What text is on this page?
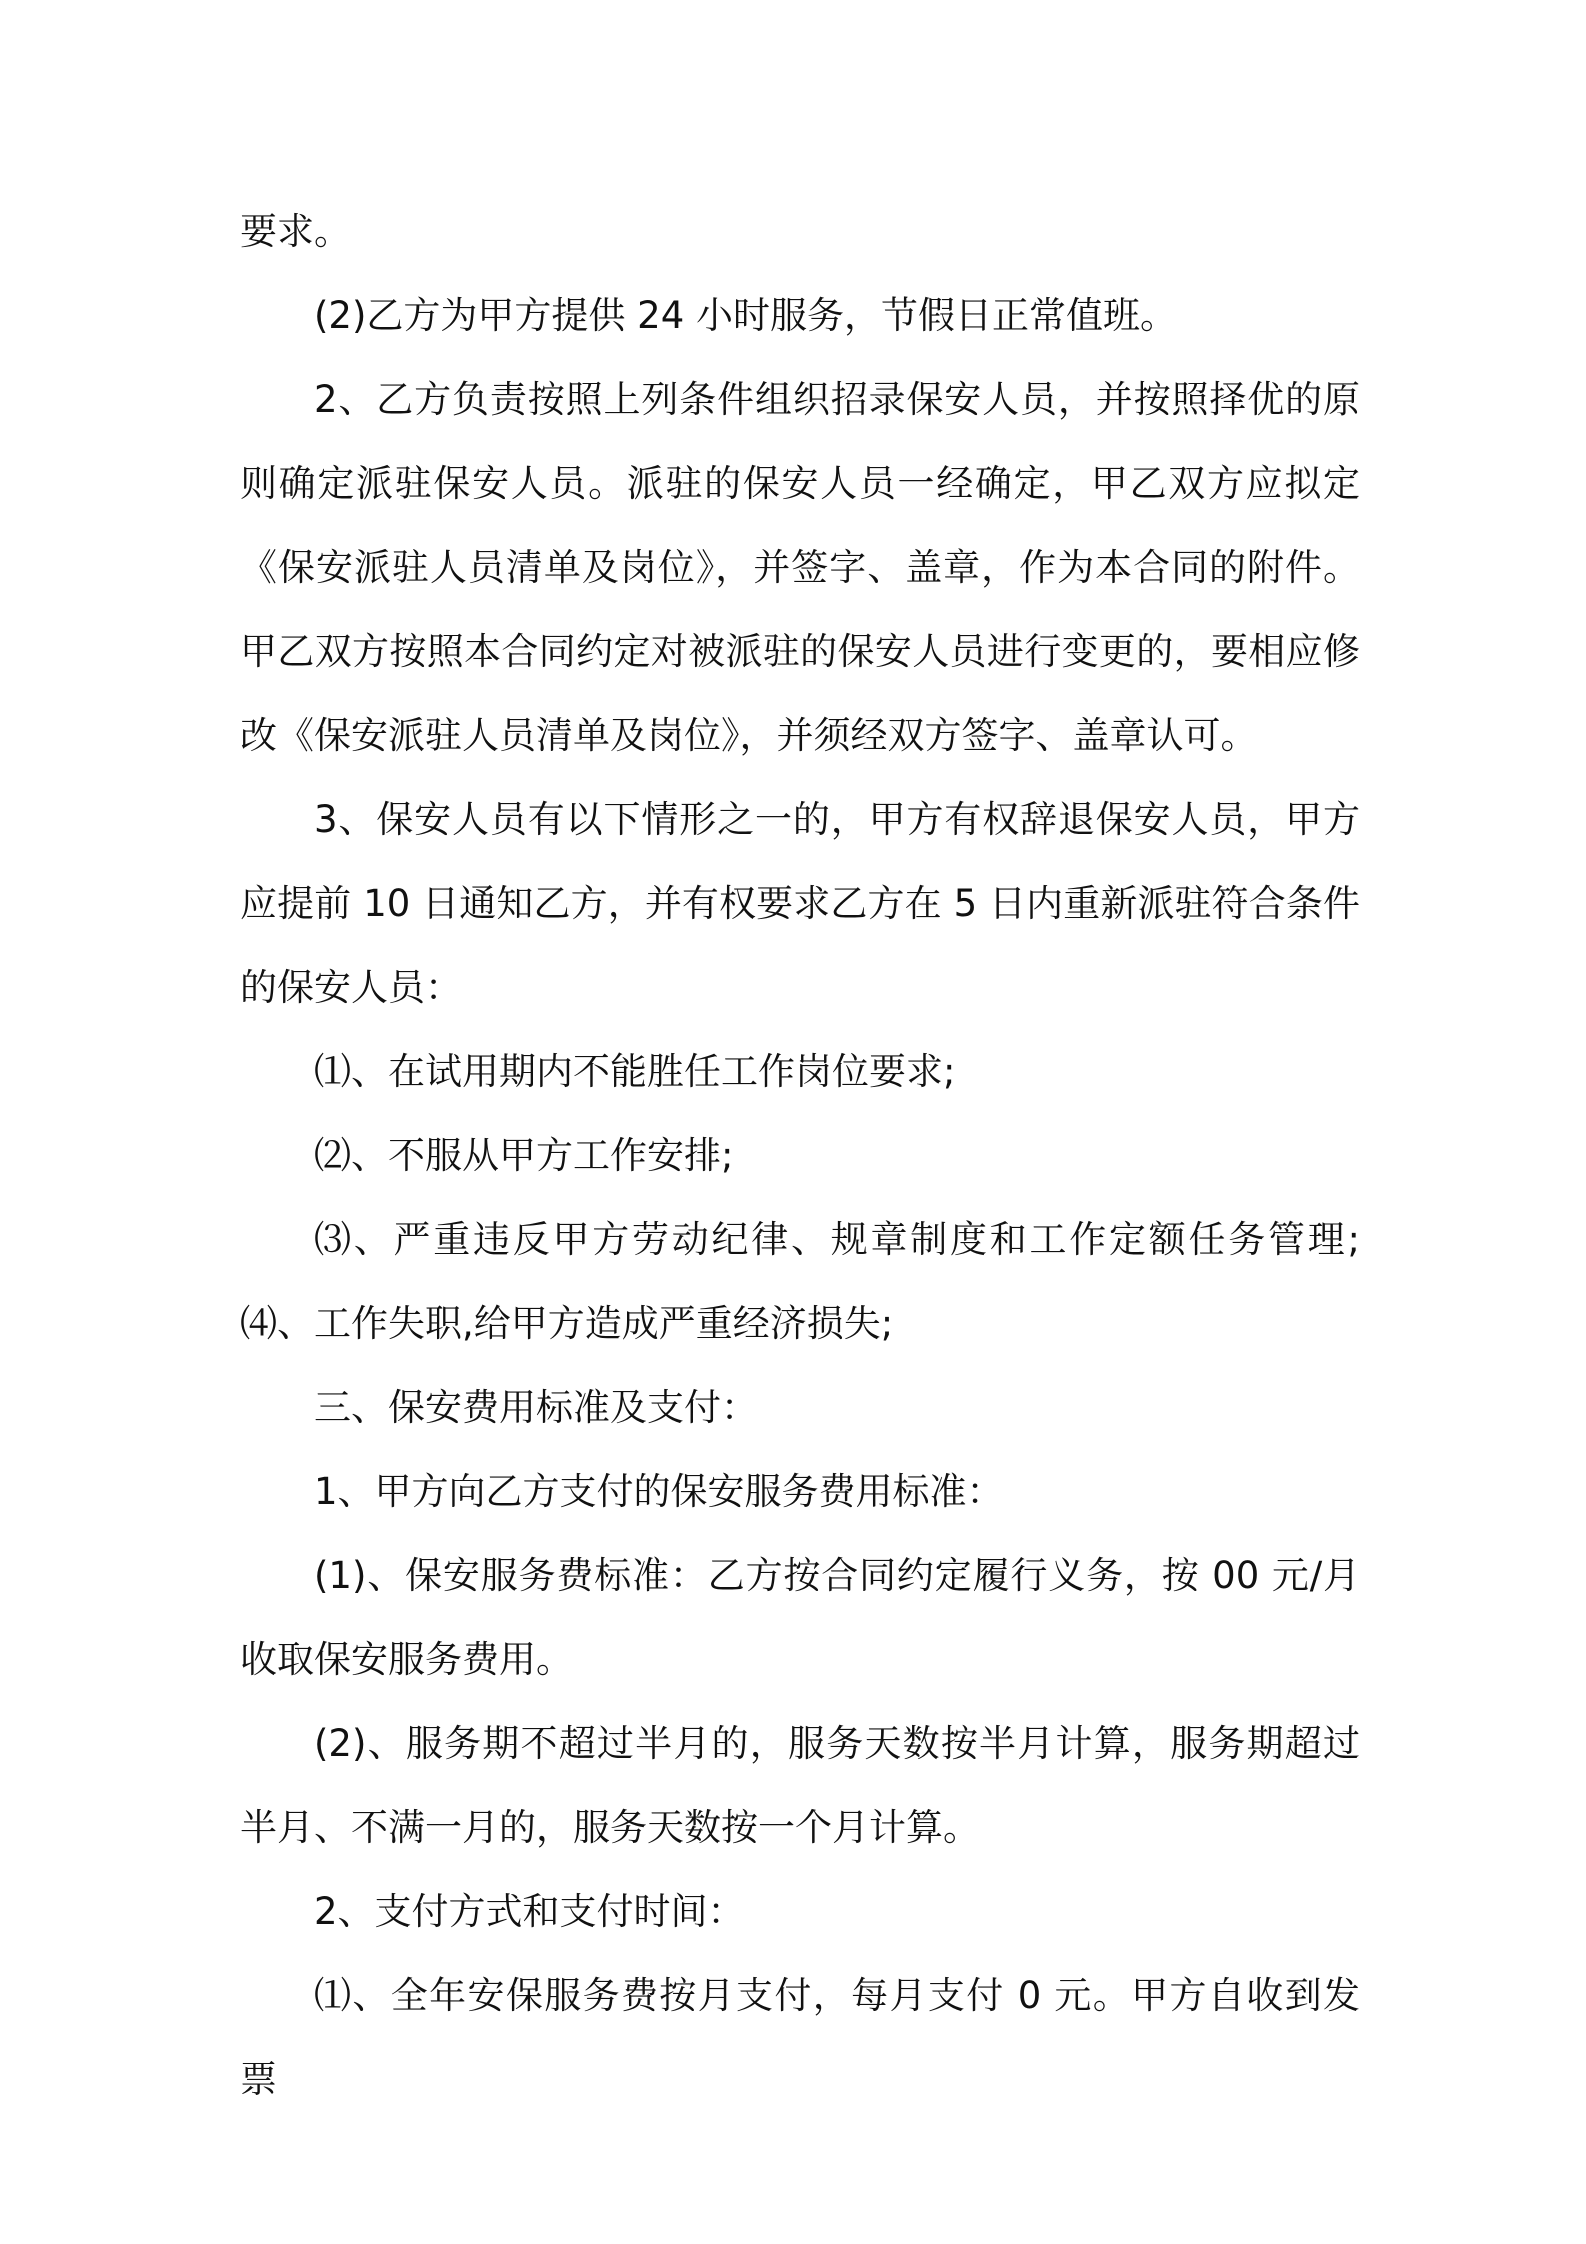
要求。

(2)乙方为甲方提供 24 小时服务，节假日正常值班。

2、乙方负责按照上列条件组织招录保安人员，并按照择优的原则确定派驻保安人员。派驻的保安人员一经确定，甲乙双方应拟定《保安派驻人员清单及岗位》，并签字、盖章，作为本合同的附件。甲乙双方按照本合同约定对被派驻的保安人员进行变更的，要相应修改《保安派驻人员清单及岗位》，并须经双方签字、盖章认可。

3、保安人员有以下情形之一的，甲方有权辞退保安人员，甲方应提前 10 日通知乙方，并有权要求乙方在 5 日内重新派驻符合条件的保安人员：

⑴、在试用期内不能胜任工作岗位要求;

⑵、不服从甲方工作安排;

⑶、严重违反甲方劳动纪律、规章制度和工作定额任务管理;⑷、工作失职,给甲方造成严重经济损失;

三、保安费用标准及支付：

1、甲方向乙方支付的保安服务费用标准：

(1)、保安服务费标准：乙方按合同约定履行义务，按 00 元/月收取保安服务费用。

(2)、服务期不超过半月的，服务天数按半月计算，服务期超过半月、不满一月的，服务天数按一个月计算。

2、支付方式和支付时间：

⑴、全年安保服务费按月支付，每月支付 0 元。甲方自收到发票
